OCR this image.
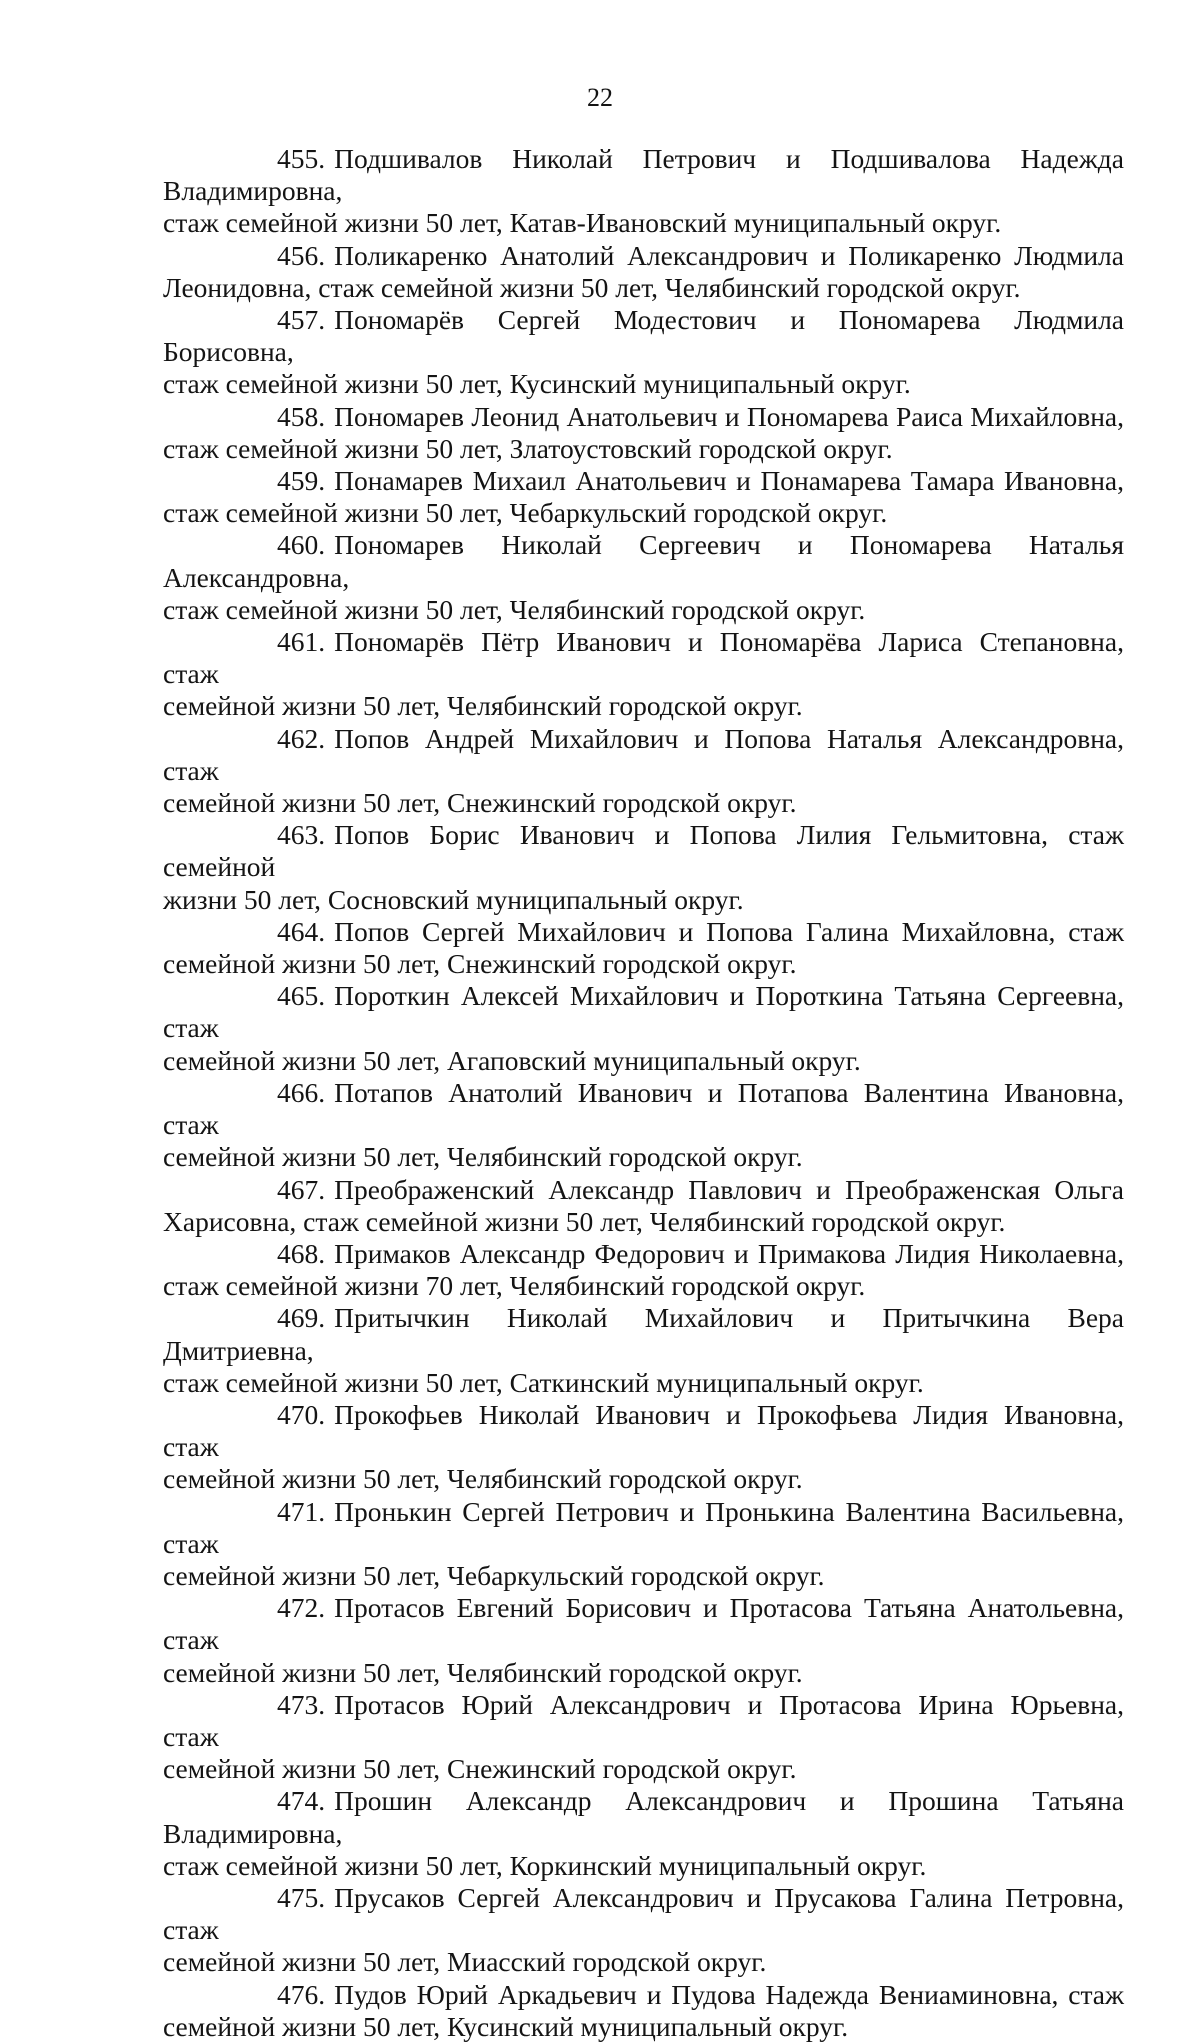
22
455. Подшивалов Николай Петрович и Подшивалова Надежда Владимировна,
стаж семейной жизни 50 лет, Катав-Ивановский муниципальный округ.
456. Поликаренко Анатолий Александрович и Поликаренко Людмила
Леонидовна, стаж семейной жизни 50 лет, Челябинский городской округ.
457. Пономарёв Сергей Модестович и Пономарева Людмила Борисовна,
стаж семейной жизни 50 лет, Кусинский муниципальный округ.
458. Пономарев Леонид Анатольевич и Пономарева Раиса Михайловна,
стаж семейной жизни 50 лет, Златоустовский городской округ.
459. Понамарев Михаил Анатольевич и Понамарева Тамара Ивановна,
стаж семейной жизни 50 лет, Чебаркульский городской округ.
460. Пономарев Николай Сергеевич и Пономарева Наталья Александровна,
стаж семейной жизни 50 лет, Челябинский городской округ.
461. Пономарёв Пётр Иванович и Пономарёва Лариса Степановна, стаж
семейной жизни 50 лет, Челябинский городской округ.
462. Попов Андрей Михайлович и Попова Наталья Александровна, стаж
семейной жизни 50 лет, Снежинский городской округ.
463. Попов Борис Иванович и Попова Лилия Гельмитовна, стаж семейной
жизни 50 лет, Сосновский муниципальный округ.
464. Попов Сергей Михайлович и Попова Галина Михайловна, стаж
семейной жизни 50 лет, Снежинский городской округ.
465. Пороткин Алексей Михайлович и Пороткина Татьяна Сергеевна, стаж
семейной жизни 50 лет, Агаповский муниципальный округ.
466. Потапов Анатолий Иванович и Потапова Валентина Ивановна, стаж
семейной жизни 50 лет, Челябинский городской округ.
467. Преображенский Александр Павлович и Преображенская Ольга
Харисовна, стаж семейной жизни 50 лет, Челябинский городской округ.
468. Примаков Александр Федорович и Примакова Лидия Николаевна,
стаж семейной жизни 70 лет, Челябинский городской округ.
469. Притычкин Николай Михайлович и Притычкина Вера Дмитриевна,
стаж семейной жизни 50 лет, Саткинский муниципальный округ.
470. Прокофьев Николай Иванович и Прокофьева Лидия Ивановна, стаж
семейной жизни 50 лет, Челябинский городской округ.
471. Пронькин Сергей Петрович и Пронькина Валентина Васильевна, стаж
семейной жизни 50 лет, Чебаркульский городской округ.
472. Протасов Евгений Борисович и Протасова Татьяна Анатольевна, стаж
семейной жизни 50 лет, Челябинский городской округ.
473. Протасов Юрий Александрович и Протасова Ирина Юрьевна, стаж
семейной жизни 50 лет, Снежинский городской округ.
474. Прошин Александр Александрович и Прошина Татьяна Владимировна,
стаж семейной жизни 50 лет, Коркинский муниципальный округ.
475. Прусаков Сергей Александрович и Прусакова Галина Петровна, стаж
семейной жизни 50 лет, Миасский городской округ.
476. Пудов Юрий Аркадьевич и Пудова Надежда Вениаминовна, стаж
семейной жизни 50 лет, Кусинский муниципальный округ.
